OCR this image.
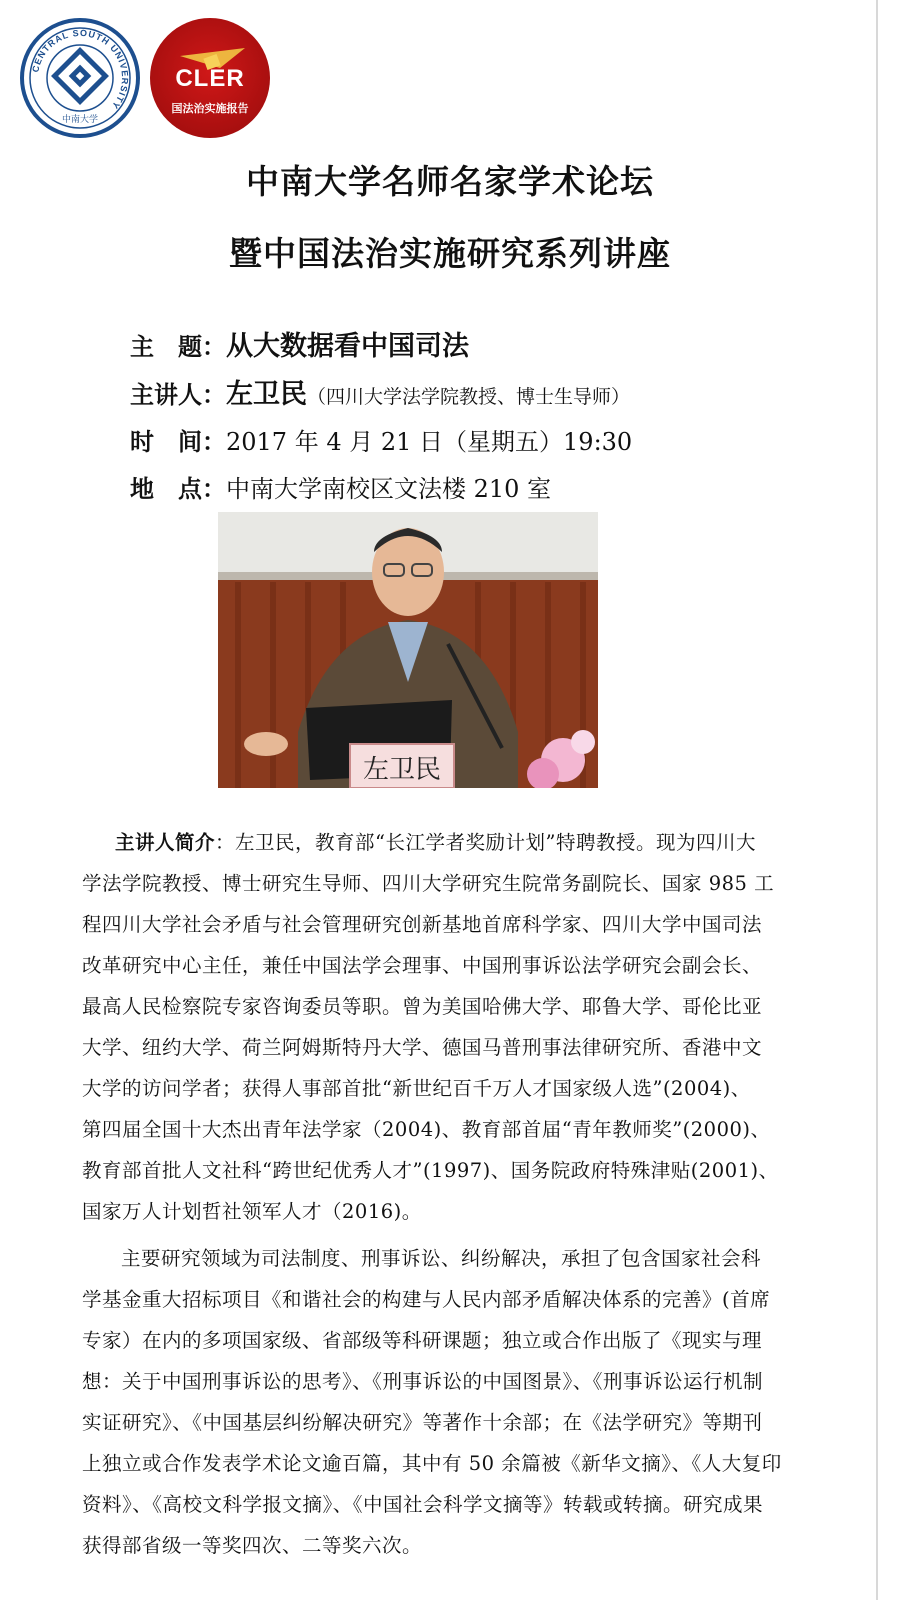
CENTRAL SOUTH UNIVERSITY
中南大学
CLER
国法治实施报告
中南大学名师名家学术论坛
暨中国法治实施研究系列讲座
主　题：从大数据看中国司法
主讲人：左卫民（四川大学法学院教授、博士生导师）
时　间：2017 年 4 月 21 日（星期五）19:30
地　点：中南大学南校区文法楼 210 室
左卫民
主讲人简介：左卫民，教育部“长江学者奖励计划”特聘教授。现为四川大
学法学院教授、博士研究生导师、四川大学研究生院常务副院长、国家 985 工
程四川大学社会矛盾与社会管理研究创新基地首席科学家、四川大学中国司法
改革研究中心主任，兼任中国法学会理事、中国刑事诉讼法学研究会副会长、
最高人民检察院专家咨询委员等职。曾为美国哈佛大学、耶鲁大学、哥伦比亚
大学、纽约大学、荷兰阿姆斯特丹大学、德国马普刑事法律研究所、香港中文
大学的访问学者；获得人事部首批“新世纪百千万人才国家级人选”(2004)、
第四届全国十大杰出青年法学家（2004)、教育部首届“青年教师奖”(2000)、
教育部首批人文社科“跨世纪优秀人才”(1997)、国务院政府特殊津贴(2001)、
国家万人计划哲社领军人才（2016)。
主要研究领域为司法制度、刑事诉讼、纠纷解决，承担了包含国家社会科
学基金重大招标项目《和谐社会的构建与人民内部矛盾解决体系的完善》(首席
专家）在内的多项国家级、省部级等科研课题；独立或合作出版了《现实与理
想：关于中国刑事诉讼的思考》、《刑事诉讼的中国图景》、《刑事诉讼运行机制
实证研究》、《中国基层纠纷解决研究》等著作十余部；在《法学研究》等期刊
上独立或合作发表学术论文逾百篇，其中有 50 余篇被《新华文摘》、《人大复印
资料》、《高校文科学报文摘》、《中国社会科学文摘等》转载或转摘。研究成果
获得部省级一等奖四次、二等奖六次。
